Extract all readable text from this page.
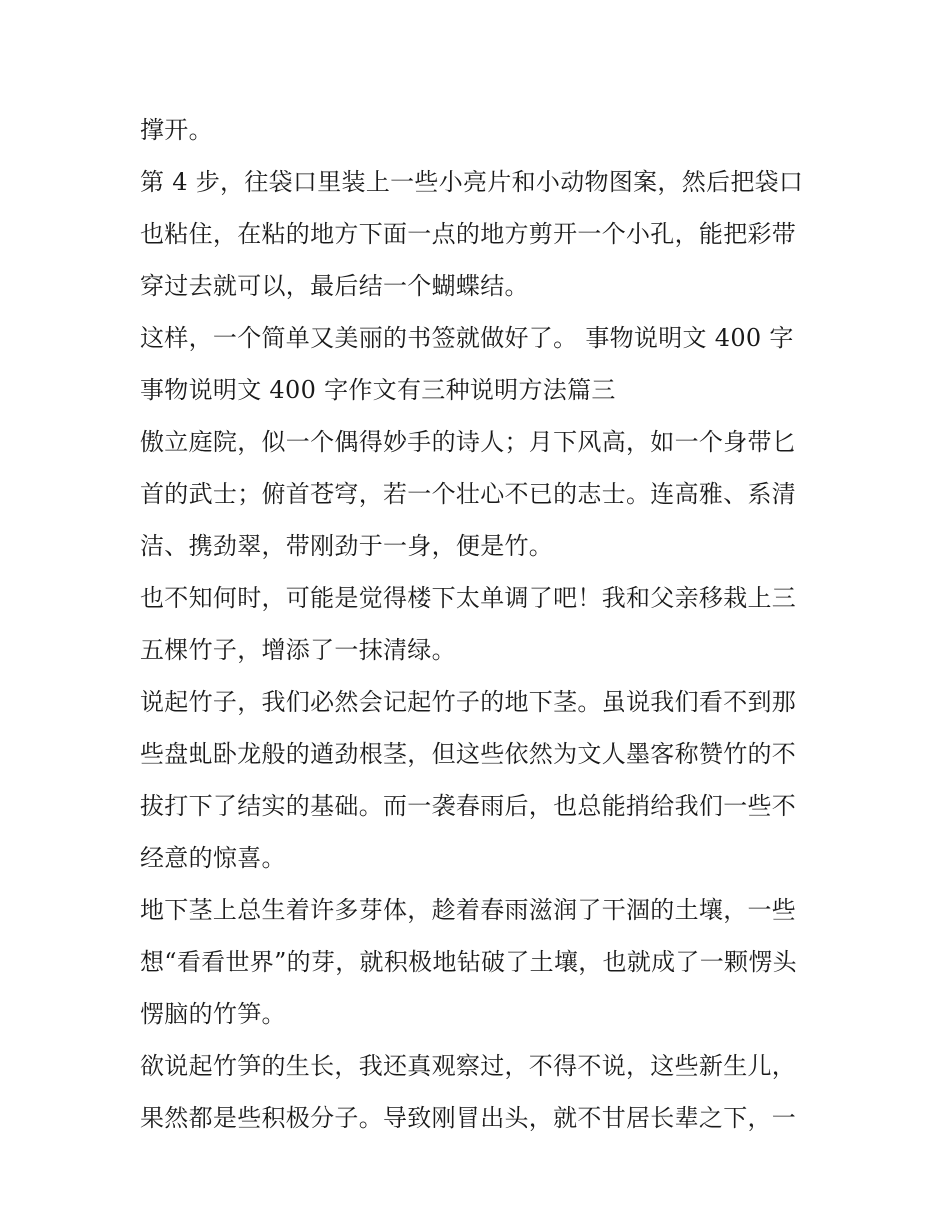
撑开。
第 4 步，往袋口里装上一些小亮片和小动物图案，然后把袋口
也粘住，在粘的地方下面一点的地方剪开一个小孔，能把彩带
穿过去就可以，最后结一个蝴蝶结。
这样，一个简单又美丽的书签就做好了。 事物说明文 400 字
事物说明文 400 字作文有三种说明方法篇三
傲立庭院，似一个偶得妙手的诗人；月下风高，如一个身带匕
首的武士；俯首苍穹，若一个壮心不已的志士。连高雅、系清
洁、携劲翠，带刚劲于一身，便是竹。
也不知何时，可能是觉得楼下太单调了吧！我和父亲移栽上三
五棵竹子，增添了一抹清绿。
说起竹子，我们必然会记起竹子的地下茎。虽说我们看不到那
些盘虬卧龙般的遒劲根茎，但这些依然为文人墨客称赞竹的不
拔打下了结实的基础。而一袭春雨后，也总能捎给我们一些不
经意的惊喜。
地下茎上总生着许多芽体，趁着春雨滋润了干涸的土壤，一些
想“看看世界”的芽，就积极地钻破了土壤，也就成了一颗愣头
愣脑的竹笋。
欲说起竹笋的生长，我还真观察过，不得不说，这些新生儿，
果然都是些积极分子。导致刚冒出头，就不甘居长辈之下，一
